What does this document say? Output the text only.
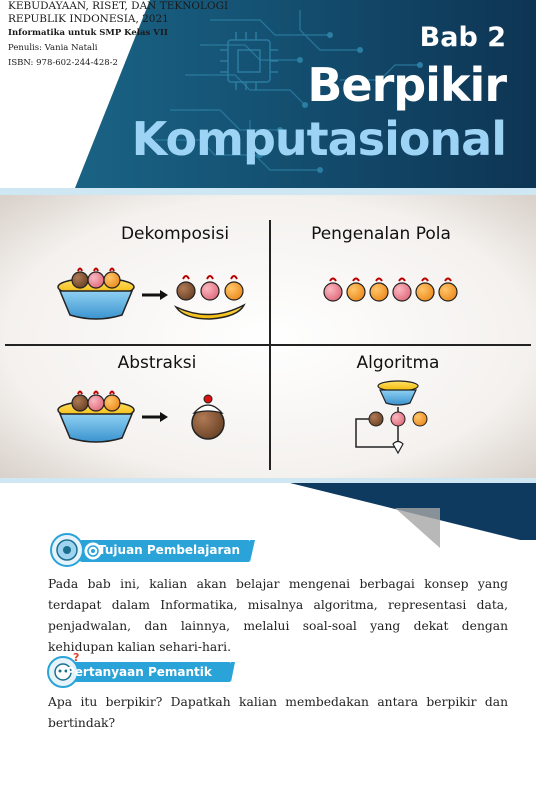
KEBUDAYAAN, RISET, DAN TEKNOLOGI
REPUBLIK INDONESIA, 2021
Informatika untuk SMP Kelas VII
Penulis: Vania Natali
ISBN: 978-602-244-428-2
Bab 2
Berpikir
Komputasional
Dekomposisi	Pengenalan Pola
Abstraksi	Algoritma
Tujuan Pembelajaran
Pada bab ini, kalian akan belajar mengenai berbagai konsep yang terdapat dalam Informatika, misalnya algoritma, representasi data, penjadwalan, dan lainnya, melalui soal-soal yang dekat dengan kehidupan kalian sehari-hari.
?
Pertanyaan Pemantik
Apa itu berpikir? Dapatkah kalian membedakan antara berpikir dan bertindak?
